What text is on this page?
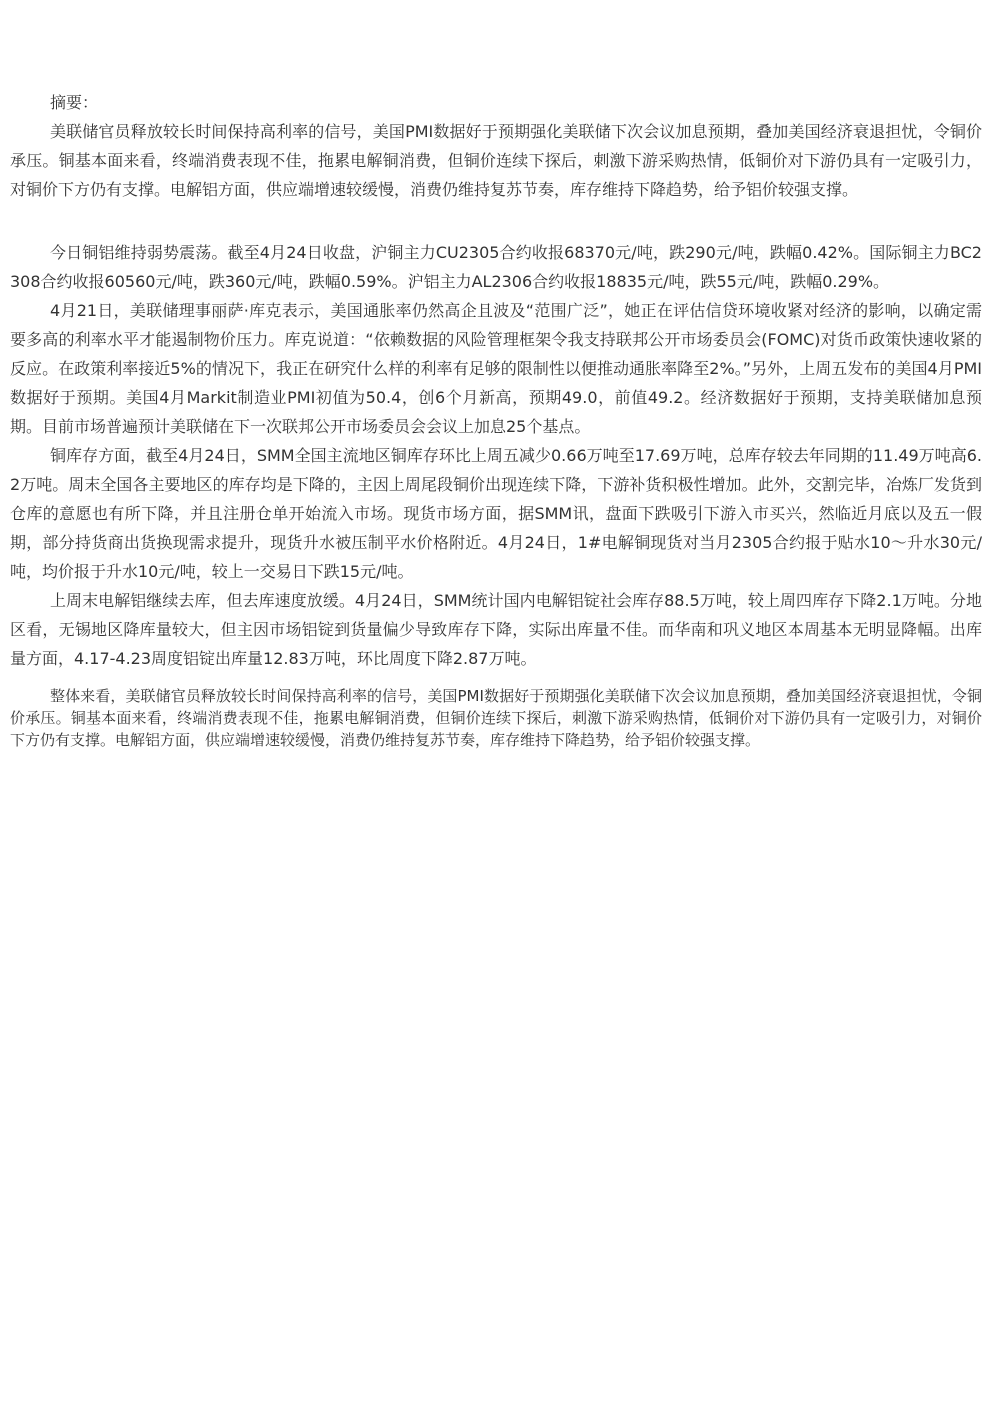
摘要：

美联储官员释放较长时间保持高利率的信号，美国PMI数据好于预期强化美联储下次会议加息预期，叠加美国经济衰退担忧，令铜价承压。铜基本面来看，终端消费表现不佳，拖累电解铜消费，但铜价连续下探后，刺激下游采购热情，低铜价对下游仍具有一定吸引力，对铜价下方仍有支撑。电解铝方面，供应端增速较缓慢，消费仍维持复苏节奏，库存维持下降趋势，给予铝价较强支撑。

今日铜铝维持弱势震荡。截至4月24日收盘，沪铜主力CU2305合约收报68370元/吨，跌290元/吨，跌幅0.42%。国际铜主力BC2308合约收报60560元/吨，跌360元/吨，跌幅0.59%。沪铝主力AL2306合约收报18835元/吨，跌55元/吨，跌幅0.29%。

4月21日，美联储理事丽萨·库克表示，美国通胀率仍然高企且波及“范围广泛”，她正在评估信贷环境收紧对经济的影响，以确定需要多高的利率水平才能遏制物价压力。库克说道：“依赖数据的风险管理框架令我支持联邦公开市场委员会(FOMC)对货币政策快速收紧的反应。在政策利率接近5%的情况下，我正在研究什么样的利率有足够的限制性以便推动通胀率降至2%。”另外，上周五发布的美国4月PMI数据好于预期。美国4月Markit制造业PMI初值为50.4，创6个月新高，预期49.0，前值49.2。经济数据好于预期，支持美联储加息预期。目前市场普遍预计美联储在下一次联邦公开市场委员会会议上加息25个基点。

铜库存方面，截至4月24日，SMM全国主流地区铜库存环比上周五减少0.66万吨至17.69万吨，总库存较去年同期的11.49万吨高6.2万吨。周末全国各主要地区的库存均是下降的，主因上周尾段铜价出现连续下降，下游补货积极性增加。此外，交割完毕，冶炼厂发货到仓库的意愿也有所下降，并且注册仓单开始流入市场。现货市场方面，据SMM讯，盘面下跌吸引下游入市买兴，然临近月底以及五一假期，部分持货商出货换现需求提升，现货升水被压制平水价格附近。4月24日，1#电解铜现货对当月2305合约报于贴水10～升水30元/吨，均价报于升水10元/吨，较上一交易日下跌15元/吨。

上周末电解铝继续去库，但去库速度放缓。4月24日，SMM统计国内电解铝锭社会库存88.5万吨，较上周四库存下降2.1万吨。分地区看，无锡地区降库量较大，但主因市场铝锭到货量偏少导致库存下降，实际出库量不佳。而华南和巩义地区本周基本无明显降幅。出库量方面，4.17-4.23周度铝锭出库量12.83万吨，环比周度下降2.87万吨。

整体来看，美联储官员释放较长时间保持高利率的信号，美国PMI数据好于预期强化美联储下次会议加息预期，叠加美国经济衰退担忧，令铜价承压。铜基本面来看，终端消费表现不佳，拖累电解铜消费，但铜价连续下探后，刺激下游采购热情，低铜价对下游仍具有一定吸引力，对铜价下方仍有支撑。电解铝方面，供应端增速较缓慢，消费仍维持复苏节奏，库存维持下降趋势，给予铝价较强支撑。
